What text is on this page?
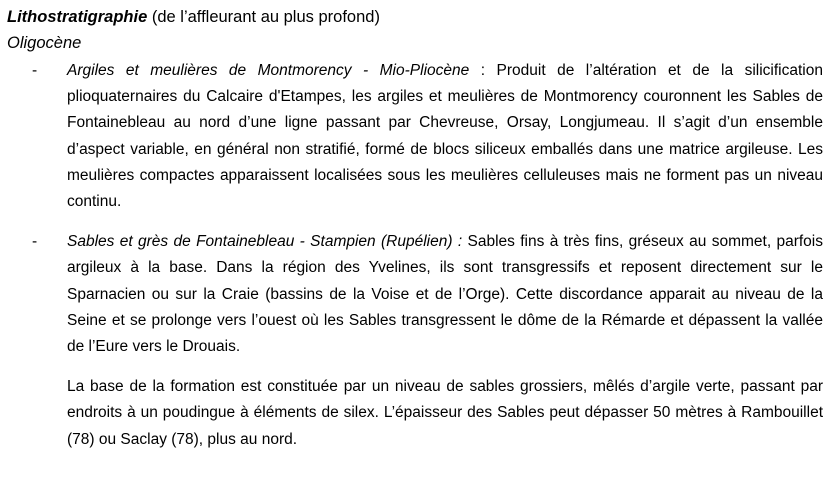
Lithostratigraphie (de l’affleurant au plus profond)

Oligocène

- Argiles et meulières de Montmorency - Mio-Pliocène : Produit de l’altération et de la silicification plioquaternaires du Calcaire d'Etampes, les argiles et meulières de Montmorency couronnent les Sables de Fontainebleau au nord d’une ligne passant par Chevreuse, Orsay, Longjumeau. Il s’agit d’un ensemble d’aspect variable, en général non stratifié, formé de blocs siliceux emballés dans une matrice argileuse. Les meulières compactes apparaissent localisées sous les meulières celluleuses mais ne forment pas un niveau continu.

- Sables et grès de Fontainebleau - Stampien (Rupélien) : Sables fins à très fins, gréseux au sommet, parfois argileux à la base. Dans la région des Yvelines, ils sont transgressifs et reposent directement sur le Sparnacien ou sur la Craie (bassins de la Voise et de l’Orge). Cette discordance apparait au niveau de la Seine et se prolonge vers l’ouest où les Sables transgressent le dôme de la Rémarde et dépassent la vallée de l’Eure vers le Drouais.

La base de la formation est constituée par un niveau de sables grossiers, mêlés d’argile verte, passant par endroits à un poudingue à éléments de silex. L’épaisseur des Sables peut dépasser 50 mètres à Rambouillet (78) ou Saclay (78), plus au nord.
